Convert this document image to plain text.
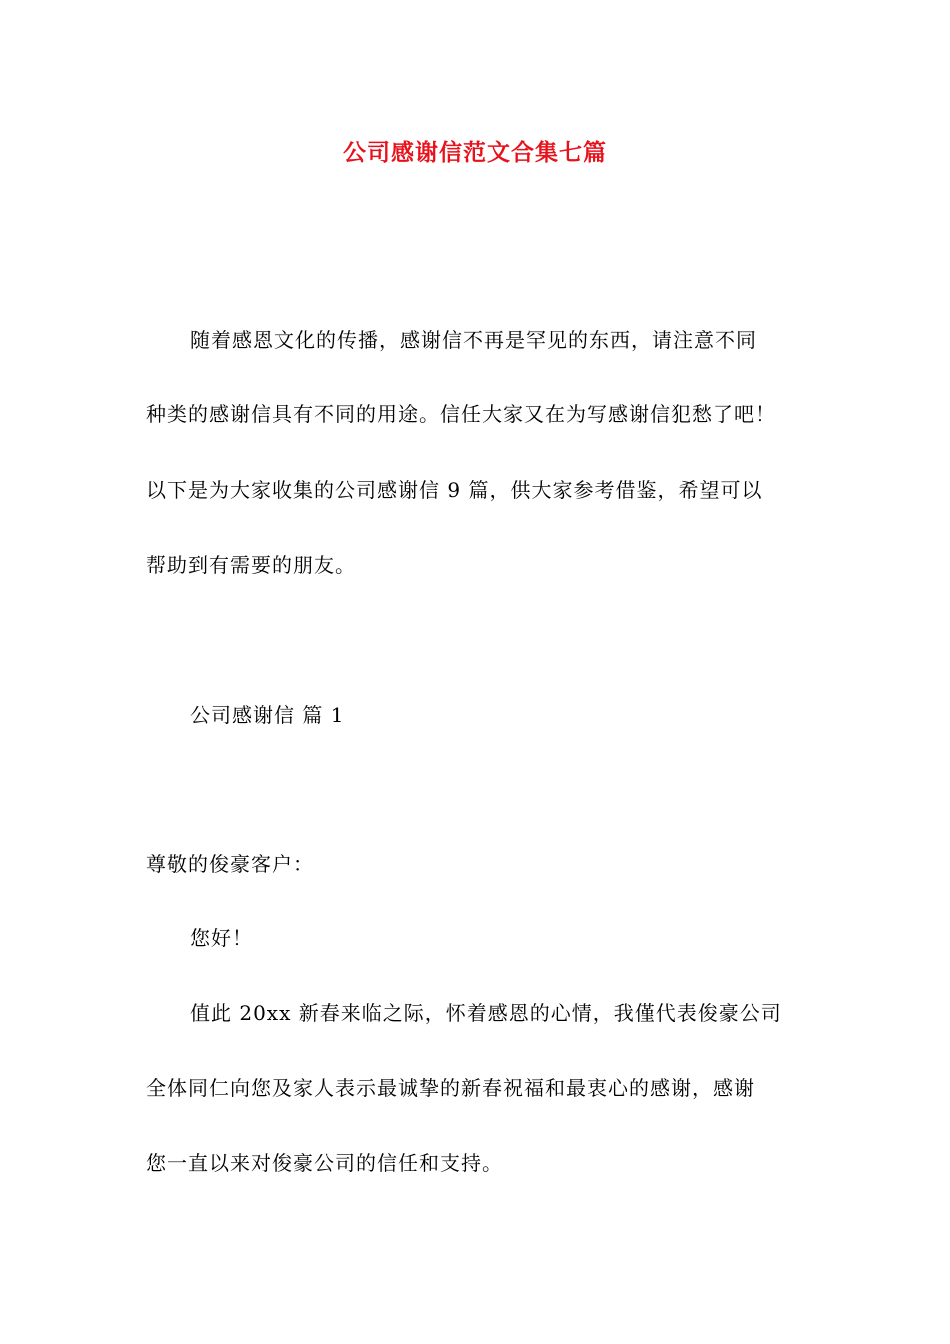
公司感谢信范文合集七篇
随着感恩文化的传播，感谢信不再是罕见的东西，请注意不同
种类的感谢信具有不同的用途。信任大家又在为写感谢信犯愁了吧！
以下是为大家收集的公司感谢信 9 篇，供大家参考借鉴，希望可以
帮助到有需要的朋友。
公司感谢信 篇 1
尊敬的俊豪客户：
您好！
值此 20xx 新春来临之际，怀着感恩的心情，我僅代表俊豪公司
全体同仁向您及家人表示最诚挚的新春祝福和最衷心的感谢，感谢
您一直以来对俊豪公司的信任和支持。
